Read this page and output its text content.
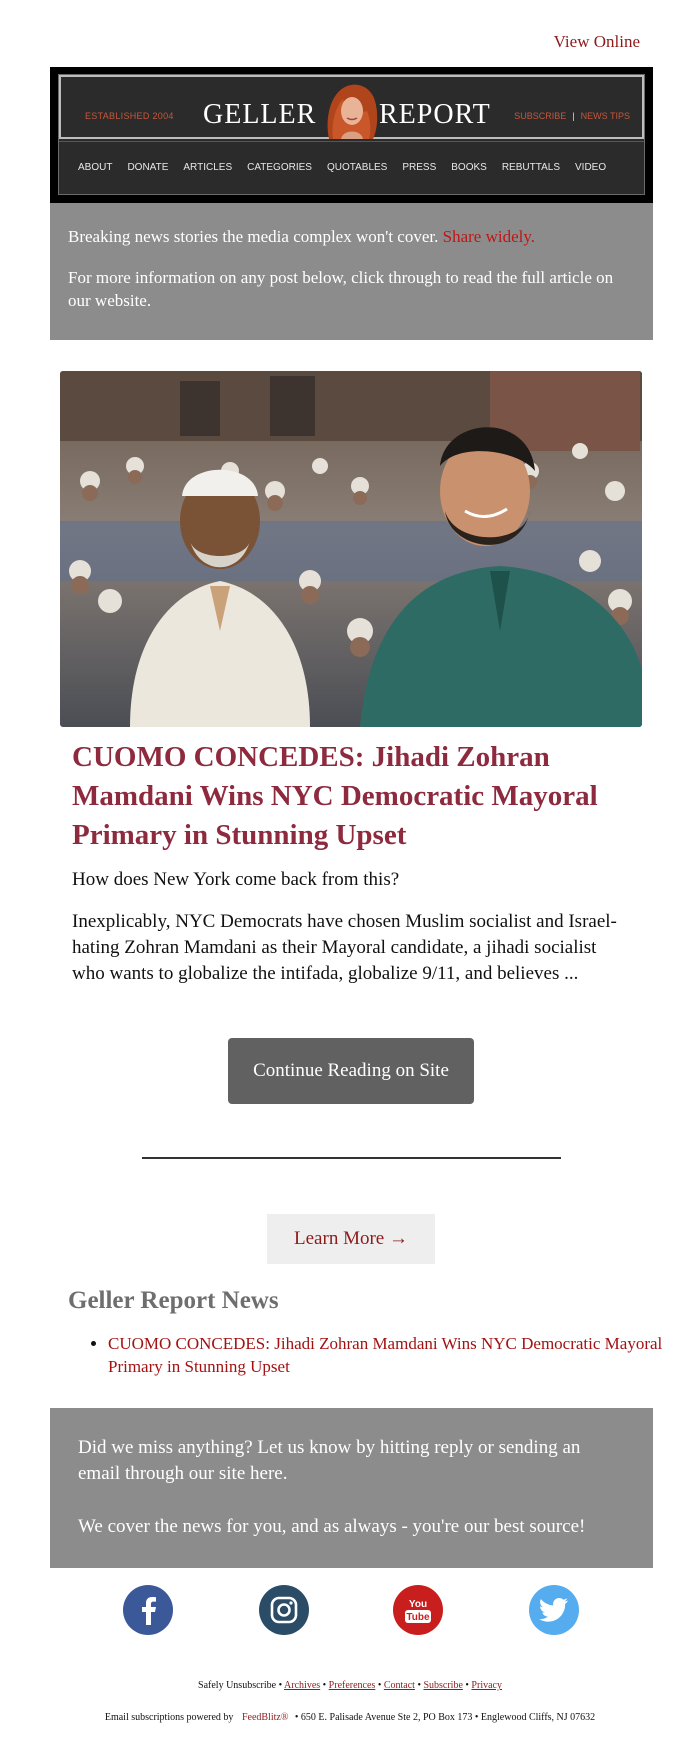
View Online
ESTABLISHED 2004 GELLER REPORT	SUBSCRIBE | NEWS TIPS
ABOUT DONATE ARTICLES CATEGORIES QUOTABLES PRESS BOOKS REBUTTALS VIDEO

Breaking news stories the media complex won't cover. Share widely.

For more information on any post below, click through to read the full article on our website.

CUOMO CONCEDES: Jihadi Zohran Mamdani Wins NYC Democratic Mayoral Primary in Stunning Upset

How does New York come back from this?

Inexplicably, NYC Democrats have chosen Muslim socialist and Israel-hating Zohran Mamdani as their Mayoral candidate, a jihadi socialist who wants to globalize the intifada, globalize 9/11, and believes ...

Continue Reading on Site
Learn More →
Geller Report News
• CUOMO CONCEDES: Jihadi Zohran Mamdani Wins NYC Democratic Mayoral Primary in Stunning Upset

Did we miss anything? Let us know by hitting reply or sending an email through our site here.

We cover the news for you, and as always - you're our best source!

You
Tube
Safely Unsubscribe • Archives • Preferences • Contact • Subscribe • Privacy
Email subscriptions powered by FeedBlitz® • 650 E. Palisade Avenue Ste 2, PO Box 173 • Englewood Cliffs, NJ 07632
